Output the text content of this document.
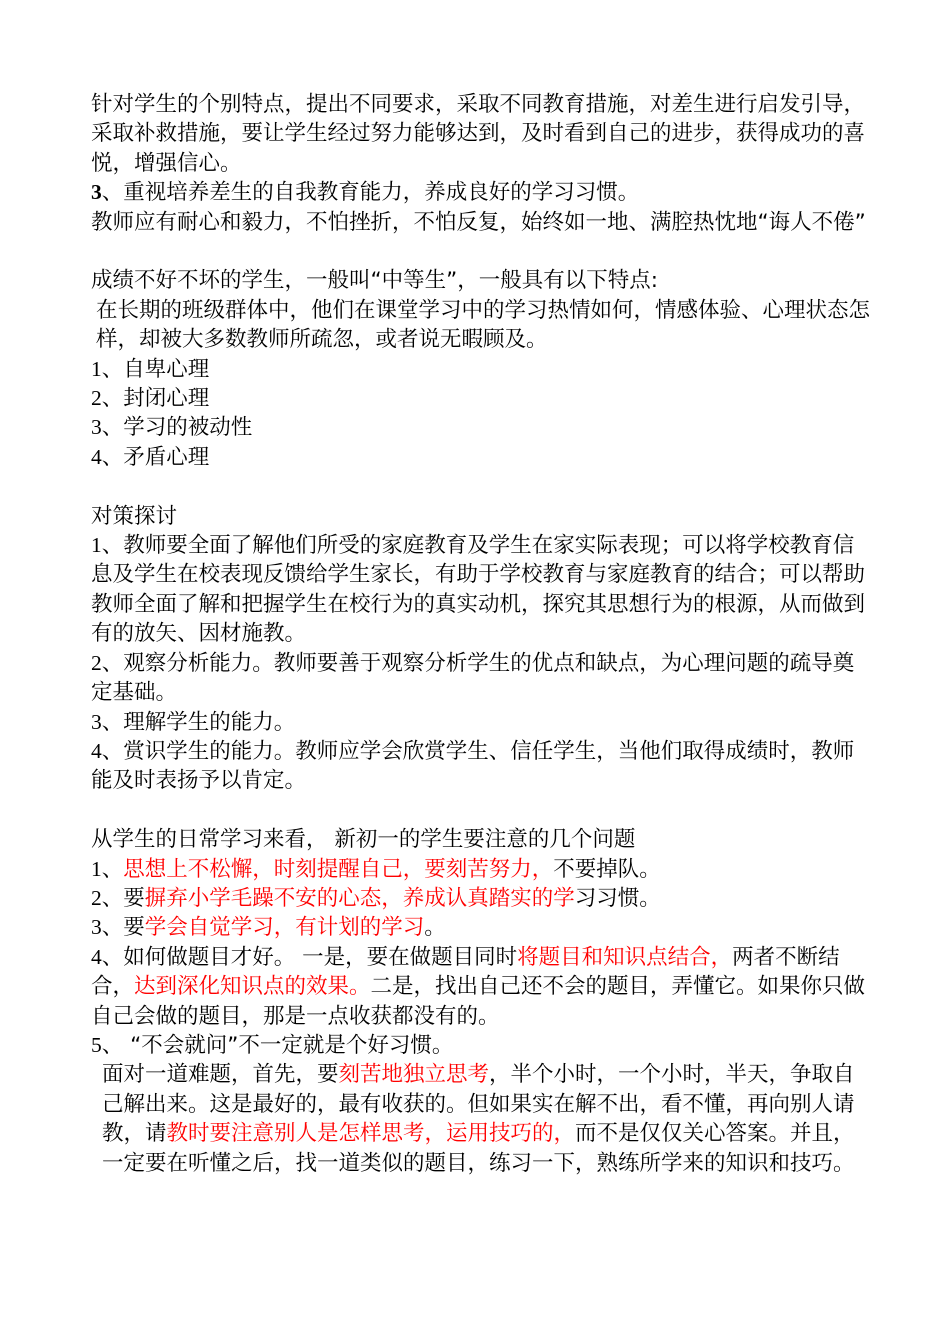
针对学生的个别特点，提出不同要求，采取不同教育措施，对差生进行启发引导，采取补救措施，要让学生经过努力能够达到，及时看到自己的进步，获得成功的喜悦，增强信心。

3、重视培养差生的自我教育能力，养成良好的学习习惯。

教师应有耐心和毅力，不怕挫折，不怕反复，始终如一地、满腔热忱地“诲人不倦”

成绩不好不坏的学生，一般叫“中等生”，一般具有以下特点:

在长期的班级群体中，他们在课堂学习中的学习热情如何，情感体验、心理状态怎样，却被大多数教师所疏忽，或者说无暇顾及。

1、自卑心理

2、封闭心理

3、学习的被动性

4、矛盾心理

对策探讨

1、教师要全面了解他们所受的家庭教育及学生在家实际表现；可以将学校教育信息及学生在校表现反馈给学生家长，有助于学校教育与家庭教育的结合；可以帮助教师全面了解和把握学生在校行为的真实动机，探究其思想行为的根源，从而做到有的放矢、因材施教。

2、观察分析能力。教师要善于观察分析学生的优点和缺点，为心理问题的疏导奠定基础。

3、理解学生的能力。

4、赏识学生的能力。教师应学会欣赏学生、信任学生，当他们取得成绩时，教师能及时表扬予以肯定。

从学生的日常学习来看， 新初一的学生要注意的几个问题

1、思想上不松懈，时刻提醒自己，要刻苦努力，不要掉队。

2、要摒弃小学毛躁不安的心态，养成认真踏实的学习习惯。

3、要学会自觉学习，有计划的学习。

4、如何做题目才好。 一是，要在做题目同时将题目和知识点结合，两者不断结合，达到深化知识点的效果。二是，找出自己还不会的题目，弄懂它。如果你只做自己会做的题目，那是一点收获都没有的。

5、 “不会就问”不一定就是个好习惯。

面对一道难题，首先，要刻苦地独立思考，半个小时，一个小时，半天，争取自己解出来。这是最好的，最有收获的。但如果实在解不出，看不懂，再向别人请教，请教时要注意别人是怎样思考，运用技巧的，而不是仅仅关心答案。并且，一定要在听懂之后，找一道类似的题目，练习一下，熟练所学来的知识和技巧。
